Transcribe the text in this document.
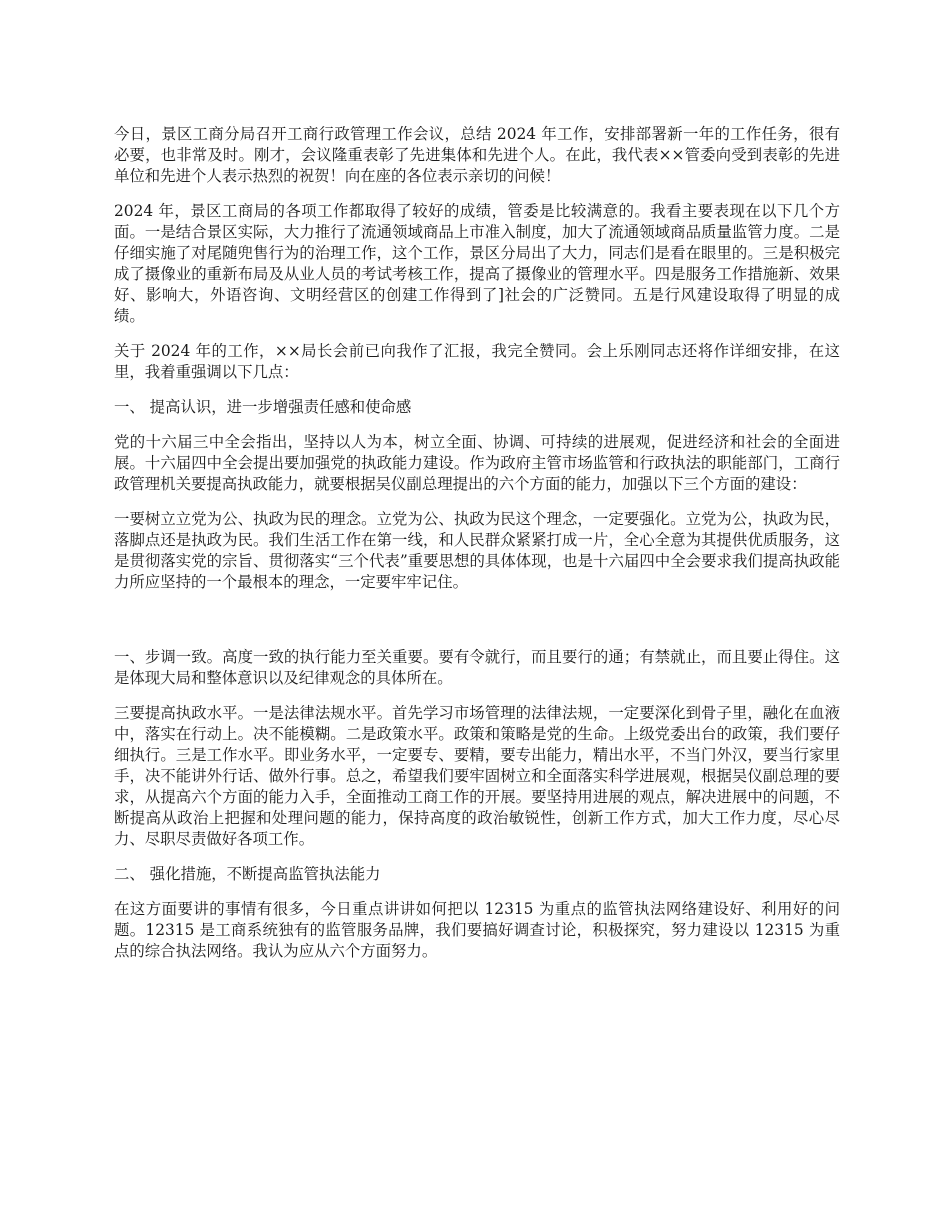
今日，景区工商分局召开工商行政管理工作会议，总结 2024 年工作，安排部署新一年的工作任务，很有必要，也非常及时。刚才，会议隆重表彰了先进集体和先进个人。在此，我代表××管委向受到表彰的先进单位和先进个人表示热烈的祝贺！向在座的各位表示亲切的问候！

2024 年，景区工商局的各项工作都取得了较好的成绩，管委是比较满意的。我看主要表现在以下几个方面。一是结合景区实际，大力推行了流通领域商品上市准入制度，加大了流通领域商品质量监管力度。二是仔细实施了对尾随兜售行为的治理工作，这个工作，景区分局出了大力，同志们是看在眼里的。三是积极完成了摄像业的重新布局及从业人员的考试考核工作，提高了摄像业的管理水平。四是服务工作措施新、效果好、影响大，外语咨询、文明经营区的创建工作得到了]社会的广泛赞同。五是行风建设取得了明显的成绩。

关于 2024 年的工作，××局长会前已向我作了汇报，我完全赞同。会上乐刚同志还将作详细安排，在这里，我着重强调以下几点：

一、 提高认识，进一步增强责任感和使命感

党的十六届三中全会指出，坚持以人为本，树立全面、协调、可持续的进展观，促进经济和社会的全面进展。十六届四中全会提出要加强党的执政能力建设。作为政府主管市场监管和行政执法的职能部门，工商行政管理机关要提高执政能力，就要根据吴仪副总理提出的六个方面的能力，加强以下三个方面的建设：

一要树立立党为公、执政为民的理念。立党为公、执政为民这个理念，一定要强化。立党为公，执政为民，落脚点还是执政为民。我们生活工作在第一线，和人民群众紧紧打成一片，全心全意为其提供优质服务，这是贯彻落实党的宗旨、贯彻落实“三个代表”重要思想的具体体现，也是十六届四中全会要求我们提高执政能力所应坚持的一个最根本的理念，一定要牢牢记住。

一、步调一致。高度一致的执行能力至关重要。要有令就行，而且要行的通；有禁就止，而且要止得住。这是体现大局和整体意识以及纪律观念的具体所在。

三要提高执政水平。一是法律法规水平。首先学习市场管理的法律法规，一定要深化到骨子里，融化在血液中，落实在行动上。决不能模糊。二是政策水平。政策和策略是党的生命。上级党委出台的政策，我们要仔细执行。三是工作水平。即业务水平，一定要专、要精，要专出能力，精出水平，不当门外汉，要当行家里手，决不能讲外行话、做外行事。总之，希望我们要牢固树立和全面落实科学进展观，根据吴仪副总理的要求，从提高六个方面的能力入手，全面推动工商工作的开展。要坚持用进展的观点，解决进展中的问题，不断提高从政治上把握和处理问题的能力，保持高度的政治敏锐性，创新工作方式，加大工作力度，尽心尽力、尽职尽责做好各项工作。

二、 强化措施，不断提高监管执法能力

在这方面要讲的事情有很多，今日重点讲讲如何把以 12315 为重点的监管执法网络建设好、利用好的问题。12315 是工商系统独有的监管服务品牌，我们要搞好调查讨论，积极探究，努力建设以 12315 为重点的综合执法网络。我认为应从六个方面努力。
